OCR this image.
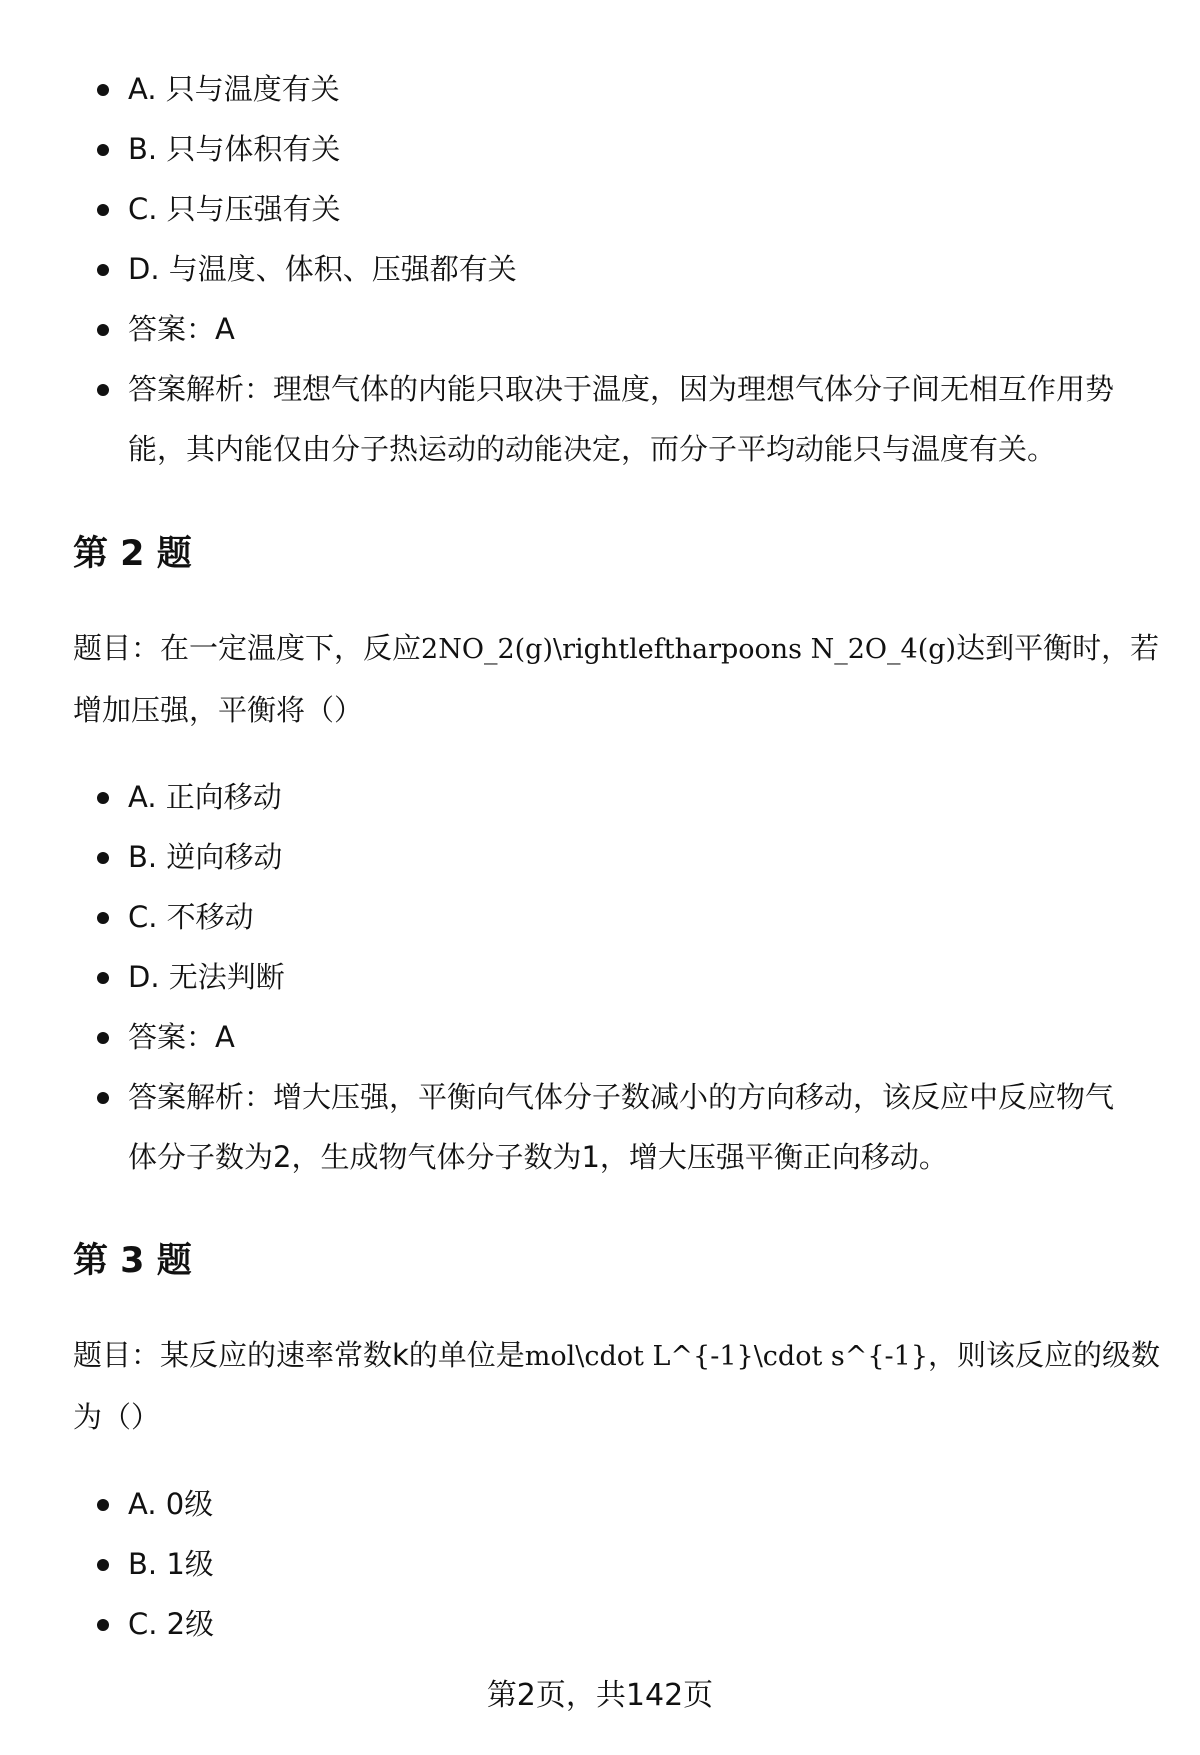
A. 只与温度有关
B. 只与体积有关
C. 只与压强有关
D. 与温度、体积、压强都有关
答案：A
答案解析：理想气体的内能只取决于温度，因为理想气体分子间无相互作用势能，其内能仅由分子热运动的动能决定，而分子平均动能只与温度有关。
第 2 题

题目：在一定温度下，反应2NO_2(g)\rightleftharpoons N_2O_4(g)达到平衡时，若增加压强，平衡将（）

A. 正向移动
B. 逆向移动
C. 不移动
D. 无法判断
答案：A
答案解析：增大压强，平衡向气体分子数减小的方向移动，该反应中反应物气体分子数为2，生成物气体分子数为1，增大压强平衡正向移动。
第 3 题

题目：某反应的速率常数k的单位是mol\cdot L^{-1}\cdot s^{-1}，则该反应的级数为（）

A. 0级
B. 1级
C. 2级
第2页，共142页
